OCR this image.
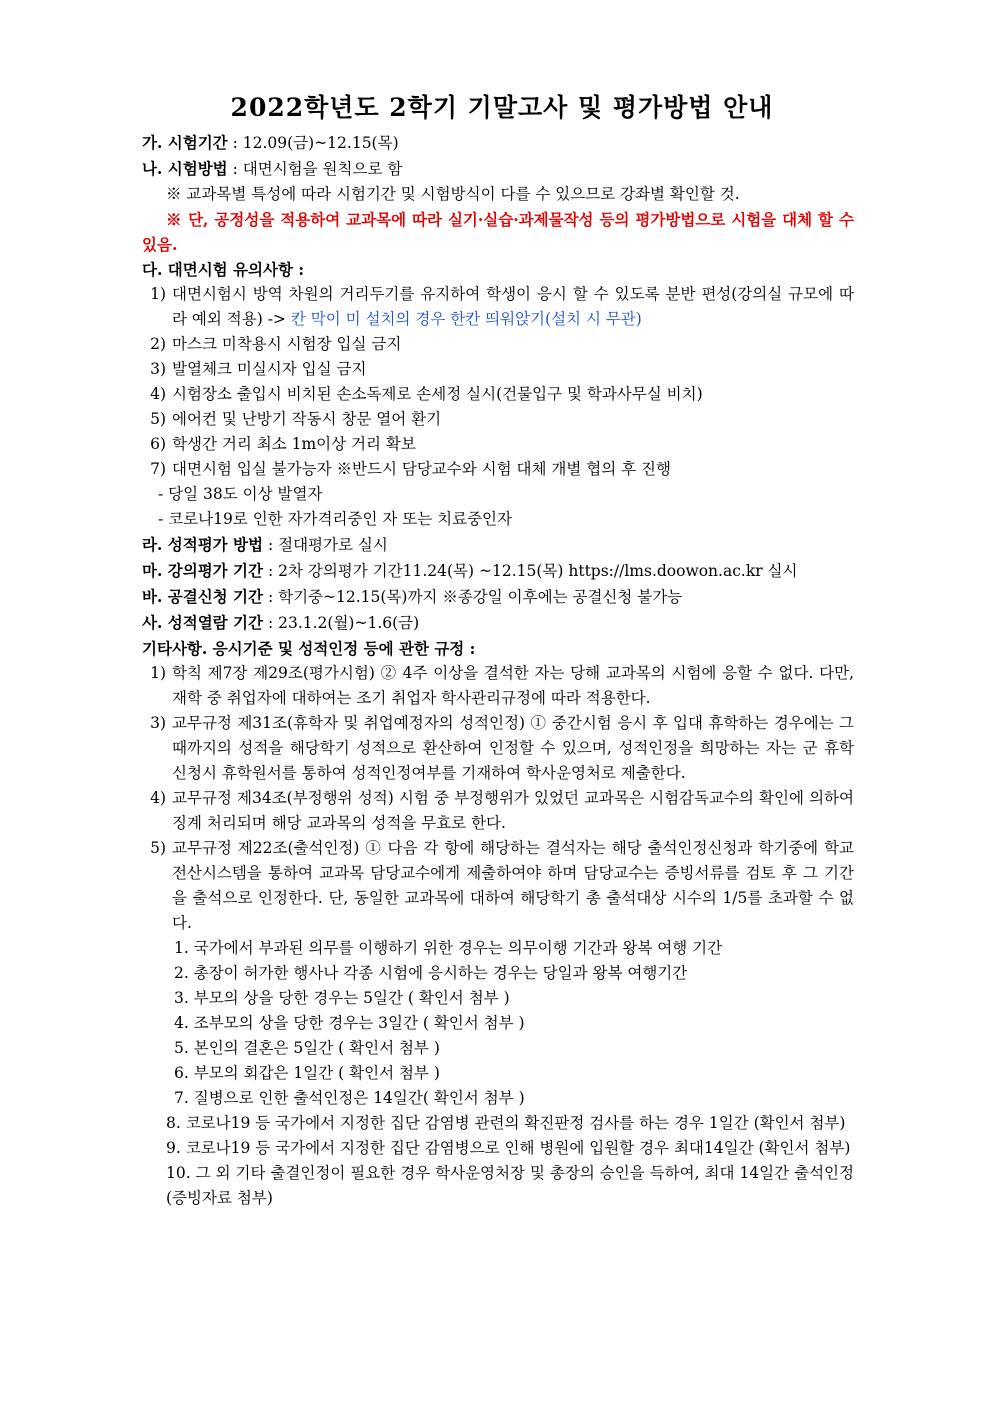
2022학년도 2학기 기말고사 및 평가방법 안내
가. 시험기간 : 12.09(금)~12.15(목)
나. 시험방법 : 대면시험을 원칙으로 함
※ 교과목별 특성에 따라 시험기간 및 시험방식이 다를 수 있으므로 강좌별 확인할 것.
※ 단, 공정성을 적용하여 교과목에 따라 실기·실습·과제물작성 등의 평가방법으로 시험을 대체 할 수 있음.
다. 대면시험 유의사항 :
1) 대면시험시 방역 차원의 거리두기를 유지하여 학생이 응시 할 수 있도록 분반 편성(강의실 규모에 따라 예외 적용) -> 칸 막이 미 설치의 경우 한칸 띄워앉기(설치 시 무관)
2) 마스크 미착용시 시험장 입실 금지
3) 발열체크 미실시자 입실 금지
4) 시험장소 출입시 비치된 손소독제로 손세정 실시(건물입구 및 학과사무실 비치)
5) 에어컨 및 난방기 작동시 창문 열어 환기
6) 학생간 거리 최소 1m이상 거리 확보
7) 대면시험 입실 불가능자 ※반드시 담당교수와 시험 대체 개별 협의 후 진행
- 당일 38도 이상 발열자
- 코로나19로 인한 자가격리중인 자 또는 치료중인자
라. 성적평가 방법 : 절대평가로 실시
마. 강의평가 기간 : 2차 강의평가 기간11.24(목) ~12.15(목) https://lms.doowon.ac.kr 실시
바. 공결신청 기간 : 학기중~12.15(목)까지 ※종강일 이후에는 공결신청 불가능
사. 성적열람 기간 : 23.1.2(월)~1.6(금)
기타사항. 응시기준 및 성적인정 등에 관한 규정 :
1) 학칙 제7장 제29조(평가시험) ② 4주 이상을 결석한 자는 당해 교과목의 시험에 응할 수 없다. 다만, 재학 중 취업자에 대하여는 조기 취업자 학사관리규정에 따라 적용한다.
3) 교무규정 제31조(휴학자 및 취업예정자의 성적인정) ① 중간시험 응시 후 입대 휴학하는 경우에는 그 때까지의 성적을 해당학기 성적으로 환산하여 인정할 수 있으며, 성적인정을 희망하는 자는 군 휴학 신청시 휴학원서를 통하여 성적인정여부를 기재하여 학사운영처로 제출한다.
4) 교무규정 제34조(부정행위 성적) 시험 중 부정행위가 있었던 교과목은 시험감독교수의 확인에 의하여 징계 처리되며 해당 교과목의 성적을 무효로 한다.
5) 교무규정 제22조(출석인정) ① 다음 각 항에 해당하는 결석자는 해당 출석인정신청과 학기중에 학교전산시스템을 통하여 교과목 담당교수에게 제출하여야 하며 담당교수는 증빙서류를 검토 후 그 기간을 출석으로 인정한다. 단, 동일한 교과목에 대하여 해당학기 총 출석대상 시수의 1/5를 초과할 수 없다.
1. 국가에서 부과된 의무를 이행하기 위한 경우는 의무이행 기간과 왕복 여행 기간
2. 총장이 허가한 행사나 각종 시험에 응시하는 경우는 당일과 왕복 여행기간
3. 부모의 상을 당한 경우는 5일간 ( 확인서 첨부 )
4. 조부모의 상을 당한 경우는 3일간 ( 확인서 첨부 )
5. 본인의 결혼은 5일간 ( 확인서 첨부 )
6. 부모의 회갑은 1일간 ( 확인서 첨부 )
7. 질병으로 인한 출석인정은 14일간( 확인서 첨부 )
8. 코로나19 등 국가에서 지정한 집단 감염병 관련의 확진판정 검사를 하는 경우 1일간 (확인서 첨부)
9. 코로나19 등 국가에서 지정한 집단 감염병으로 인해 병원에 입원할 경우 최대14일간 (확인서 첨부)
10. 그 외 기타 출결인정이 필요한 경우 학사운영처장 및 총장의 승인을 득하여, 최대 14일간 출석인정(증빙자료 첨부)
